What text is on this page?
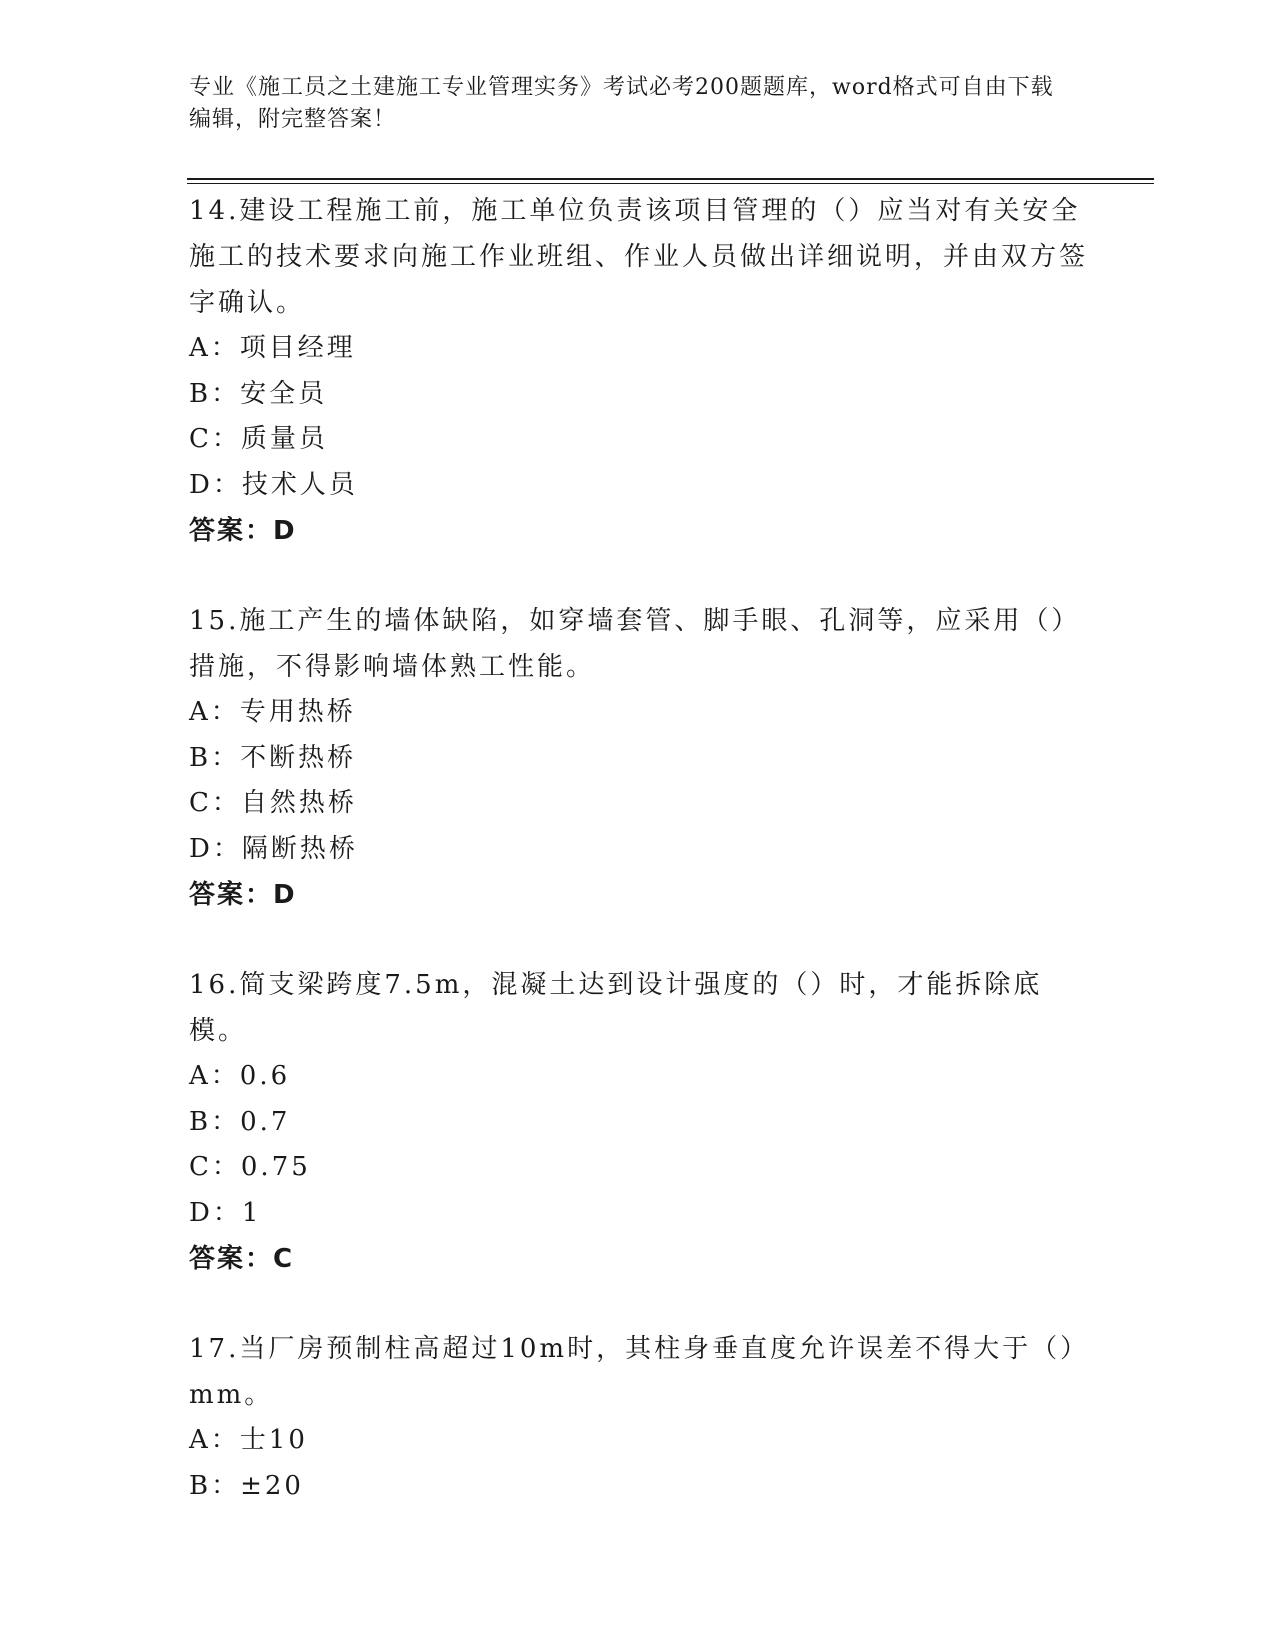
专业《施工员之土建施工专业管理实务》考试必考200题题库，word格式可自由下载编辑，附完整答案！
14.建设工程施工前，施工单位负责该项目管理的（）应当对有关安全施工的技术要求向施工作业班组、作业人员做出详细说明，并由双方签字确认。
A：项目经理
B：安全员
C：质量员
D：技术人员
答案：D
15.施工产生的墙体缺陷，如穿墙套管、脚手眼、孔洞等，应采用（）措施，不得影响墙体熟工性能。
A：专用热桥
B：不断热桥
C：自然热桥
D：隔断热桥
答案：D
16.简支梁跨度7.5m，混凝土达到设计强度的（）时，才能拆除底模。
A：0.6
B：0.7
C：0.75
D：1
答案：C
17.当厂房预制柱高超过10m时，其柱身垂直度允许误差不得大于（）mm。
A：士10
B：±20
